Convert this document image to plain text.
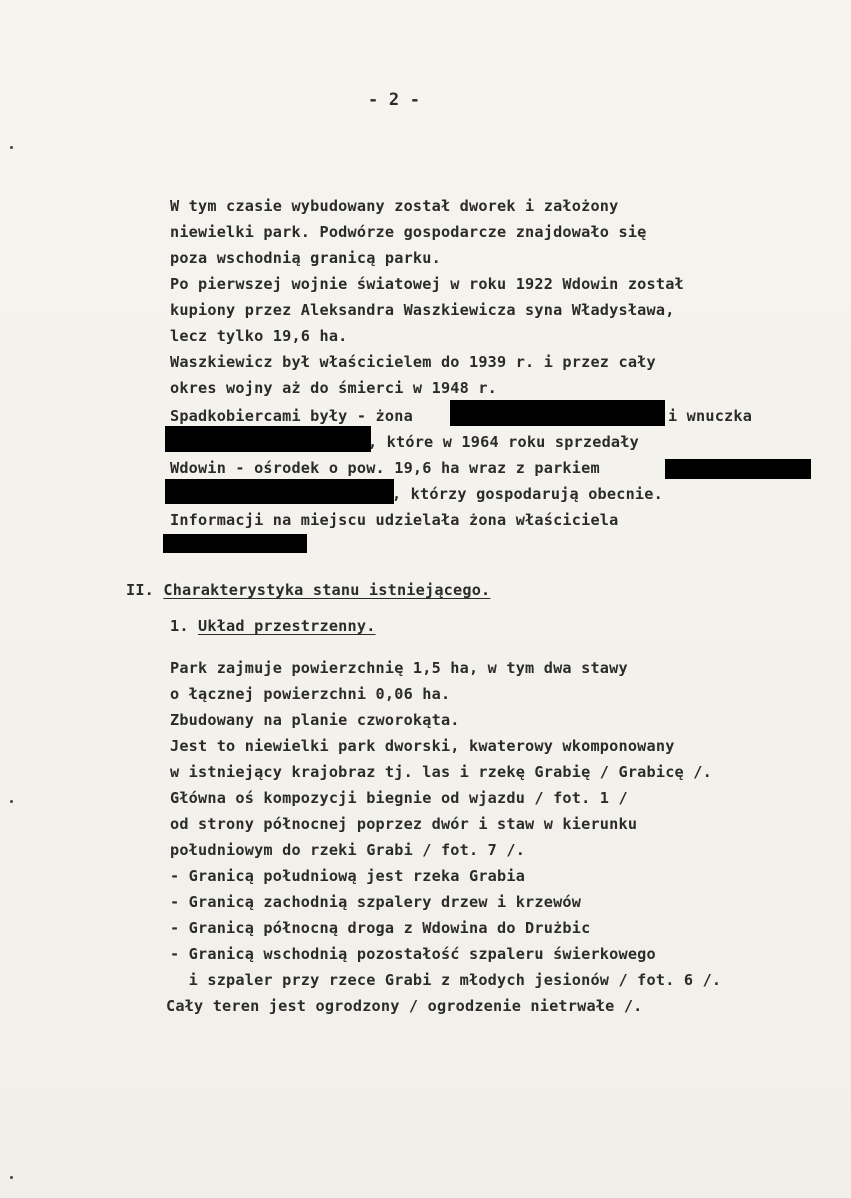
- 2 -
W tym czasie wybudowany został dworek i założony
niewielki park. Podwórze gospodarcze znajdowało się
poza wschodnią granicą parku.
Po pierwszej wojnie światowej w roku 1922 Wdowin został
kupiony przez Aleksandra Waszkiewicza syna Władysława,
lecz tylko 19,6 ha.
Waszkiewicz był właścicielem do 1939 r. i przez cały
okres wojny aż do śmierci w 1948 r.
Spadkobiercami były - żona	i wnuczka
, które w 1964 roku sprzedały
Wdowin - ośrodek o pow. 19,6 ha wraz z parkiem
, którzy gospodarują obecnie.
Informacji na miejscu udzielała żona właściciela
II. Charakterystyka stanu istniejącego.
1. Układ przestrzenny.
Park zajmuje powierzchnię 1,5 ha, w tym dwa stawy
o łącznej powierzchni 0,06 ha.
Zbudowany na planie czworokąta.
Jest to niewielki park dworski, kwaterowy wkomponowany
w istniejący krajobraz tj. las i rzekę Grabię / Grabicę /.
Główna oś kompozycji biegnie od wjazdu / fot. 1 /
od strony północnej poprzez dwór i staw w kierunku
południowym do rzeki Grabi / fot. 7 /.
- Granicą południową jest rzeka Grabia
- Granicą zachodnią szpalery drzew i krzewów
- Granicą północną droga z Wdowina do Drużbic
- Granicą wschodnią pozostałość szpaleru świerkowego
i szpaler przy rzece Grabi z młodych jesionów / fot. 6 /.
Cały teren jest ogrodzony / ogrodzenie nietrwałe /.
